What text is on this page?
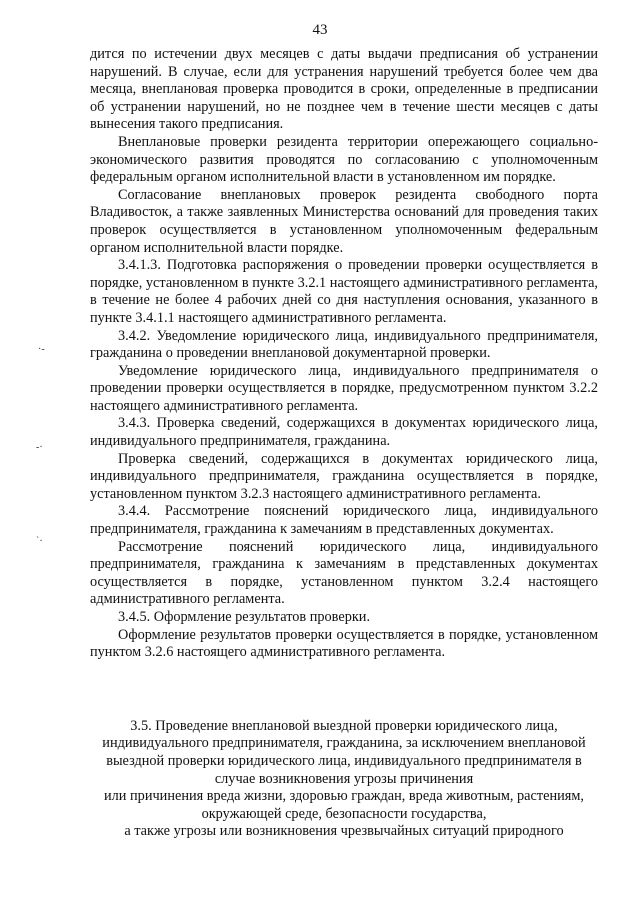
43
·-
-·
`·

дится по истечении двух месяцев с даты выдачи предписания об устранении нарушений. В случае, если для устранения нарушений требуется более чем два месяца, внеплановая проверка проводится в сроки, определенные в предписании об устранении нарушений, но не позднее чем в течение шести месяцев с даты вынесения такого предписания.

Внеплановые проверки резидента территории опережающего социально-экономического развития проводятся по согласованию с уполномоченным федеральным органом исполнительной власти в установленном им порядке.

Согласование внеплановых проверок резидента свободного порта Владивосток, а также заявленных Министерства оснований для проведения таких проверок осуществляется в установленном уполномоченным федеральным органом исполнительной власти порядке.

3.4.1.3. Подготовка распоряжения о проведении проверки осуществляется в порядке, установленном в пункте 3.2.1 настоящего административного регламента, в течение не более 4 рабочих дней со дня наступления основания, указанного в пункте 3.4.1.1 настоящего административного регламента.

3.4.2. Уведомление юридического лица, индивидуального предпринимателя, гражданина о проведении внеплановой документарной проверки.

Уведомление юридического лица, индивидуального предпринимателя о проведении проверки осуществляется в порядке, предусмотренном пунктом 3.2.2 настоящего административного регламента.

3.4.3. Проверка сведений, содержащихся в документах юридического лица, индивидуального предпринимателя, гражданина.

Проверка сведений, содержащихся в документах юридического лица, индивидуального предпринимателя, гражданина осуществляется в порядке, установленном пунктом 3.2.3 настоящего административного регламента.

3.4.4. Рассмотрение пояснений юридического лица, индивидуального предпринимателя, гражданина к замечаниям в представленных документах.

Рассмотрение пояснений юридического лица, индивидуального предпринимателя, гражданина к замечаниям в представленных документах осуществляется в порядке, установленном пунктом 3.2.4 настоящего административного регламента.

3.4.5. Оформление результатов проверки.

Оформление результатов проверки осуществляется в порядке, установленном пунктом 3.2.6 настоящего административного регламента.

3.5. Проведение внеплановой выездной проверки юридического лица,

индивидуального предпринимателя, гражданина, за исключением внеплановой выездной проверки юридического лица, индивидуального предпринимателя в случае возникновения угрозы причинения

или причинения вреда жизни, здоровью граждан, вреда животным, растениям, окружающей среде, безопасности государства,

а также угрозы или возникновения чрезвычайных ситуаций природного
